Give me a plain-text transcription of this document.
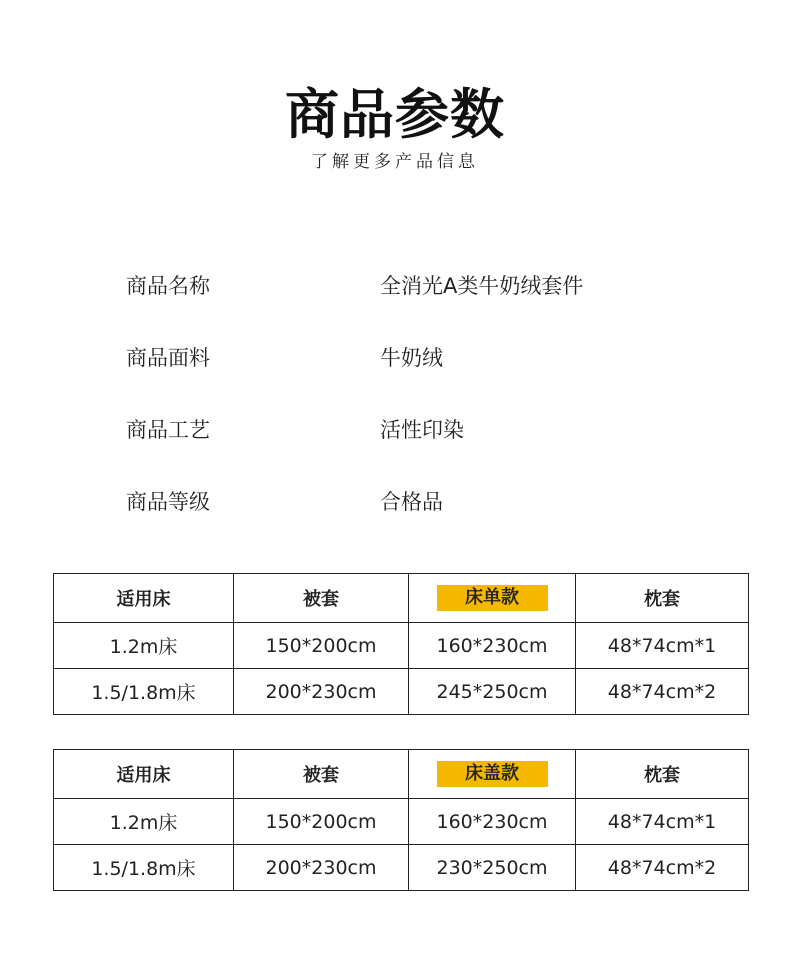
商品参数
了解更多产品信息
商品名称	全消光A类牛奶绒套件
商品面料	牛奶绒
商品工艺	活性印染
商品等级	合格品
适用床	被套	床单款	枕套
1.2m床	150*200cm	160*230cm	48*74cm*1
1.5/1.8m床	200*230cm	245*250cm	48*74cm*2
适用床	被套	床盖款	枕套
1.2m床	150*200cm	160*230cm	48*74cm*1
1.5/1.8m床	200*230cm	230*250cm	48*74cm*2
